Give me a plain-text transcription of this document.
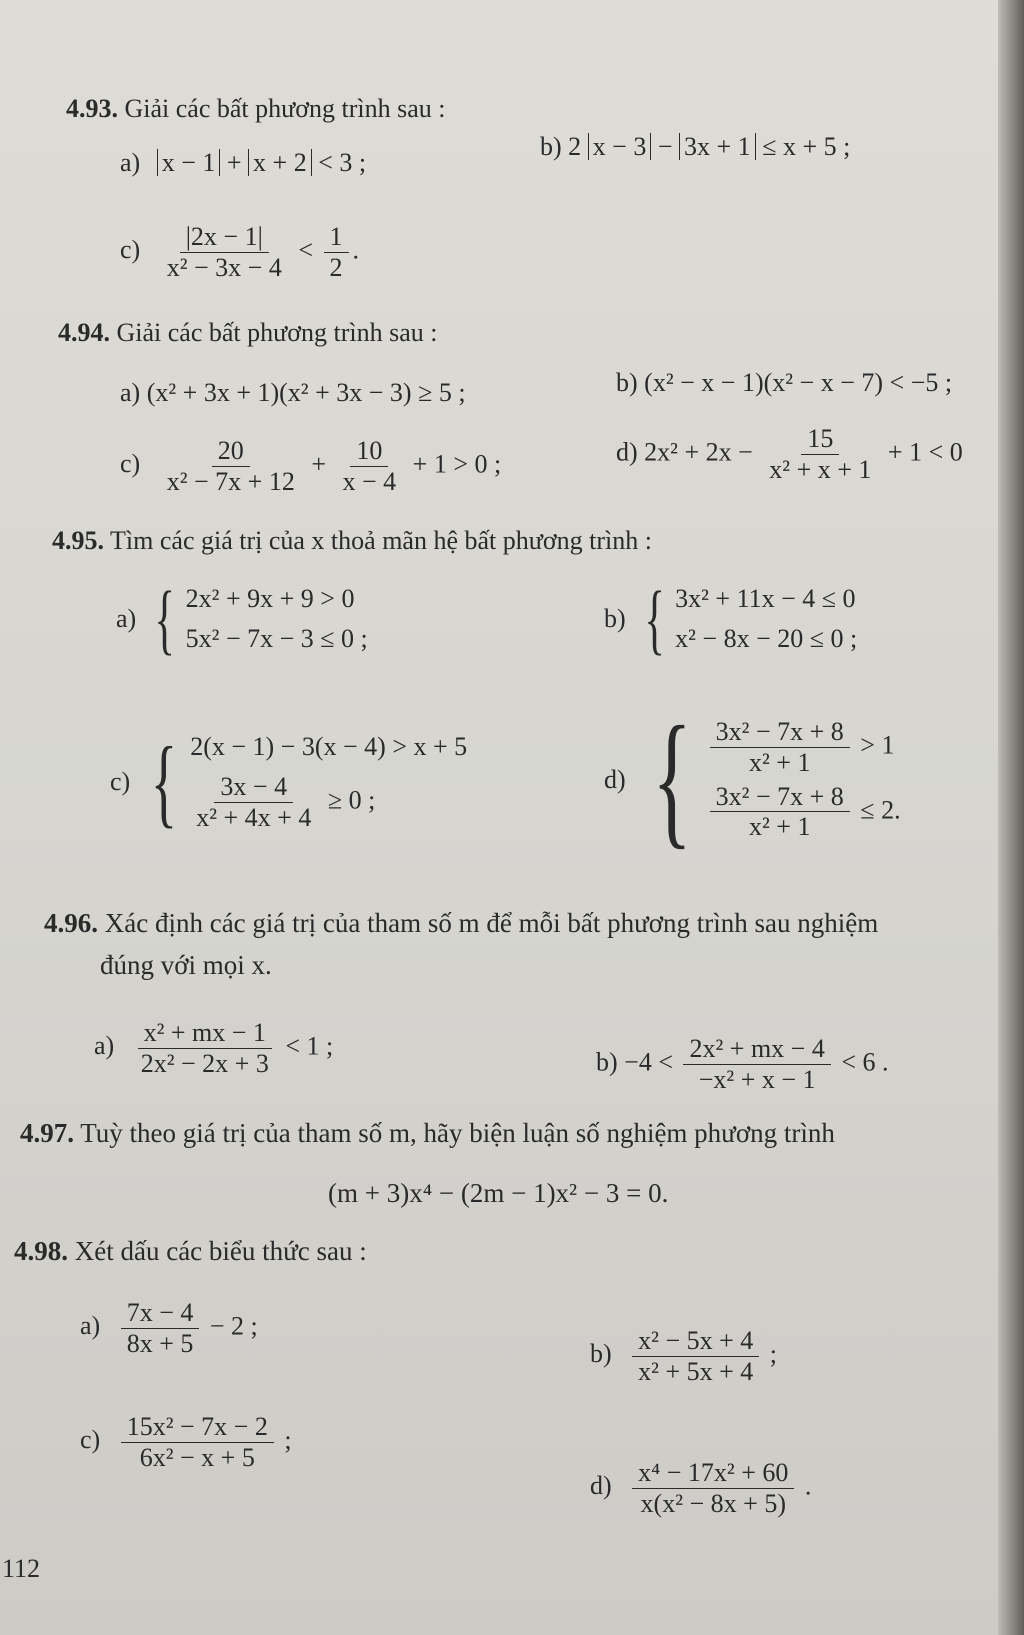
4.93. Giải các bất phương trình sau :
a) x − 1 + x + 2 < 3 ;
b) 2 x − 3 − 3x + 1 ≤ x + 5 ;
$c) \frac{|2x - 1|}{\text{x² − 3x − 4}} < \frac{1}{2}$ .
4.94. Giải các bất phương trình sau :
a) (x² + 3x + 1)(x² + 3x − 3) ≥ 5 ;	b) (x² − x − 1)(x² − x − 7) < −5 ;
$c) \frac{20}{\text{x² − 7x + 12}} + \frac{10}{x - 4} + 1 > 0$ ;	d) $2x^2 + 2x - \frac{15}{\text{x² + x + 1}} + 1 < 0$
4.95. Tìm các giá trị của x thoả mãn hệ bất phương trình :
a) { 2x² + 9x + 9 > 0
5x² − 7x − 3 ≤ 0 ;
b) { 3x² + 11x − 4 ≤ 0
x² − 8x − 20 ≤ 0 ;
c) { 2(x − 1) − 3(x − 4) > x + 5
$\frac{3x - 4}{\text{x² + 4x + 4}} \ge 0$ ;
d) { $\frac{\text{3x² − 7x + 8}}{\text{x² + 1}} > 1$
$\frac{\text{3x² − 7x + 8}}{\text{x² + 1}} \le 2$.
4.96. Xác định các giá trị của tham số m để mỗi bất phương trình sau nghiệm
đúng với mọi x.
$a) \frac{\text{x² + mx − 1}}{\text{2x² − 2x + 3}} < 1$ ;
$b) -4 < \frac{\text{2x² + mx − 4}}{\text{−x² + x − 1}} < 6$ .
4.97. Tuỳ theo giá trị của tham số m, hãy biện luận số nghiệm phương trình
(m + 3)x⁴ − (2m − 1)x² − 3 = 0.
4.98. Xét dấu các biểu thức sau :
$a) \frac{7x - 4}{8x + 5} - 2$ ;
$b) \frac{\text{x² − 5x + 4}}{\text{x² + 5x + 4}}$ ;
$c) \frac{\text{15x² − 7x − 2}}{\text{6x² − x + 5}}$ ;
$d) \frac{\text{x⁴ − 17x² + 60}}{\text{x(x² − 8x + 5)}}$ .
112
